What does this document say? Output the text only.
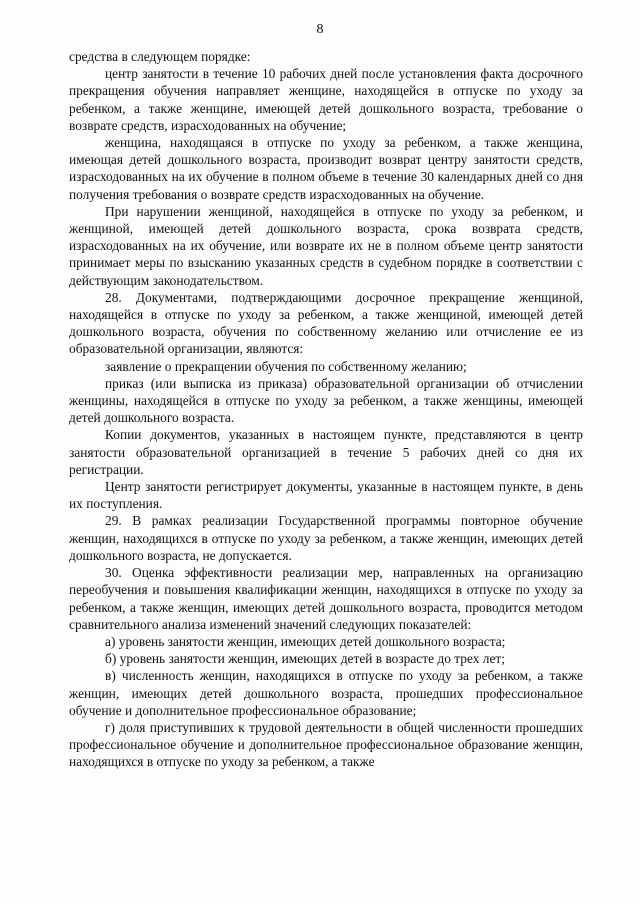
8

средства в следующем порядке:

центр занятости в течение 10 рабочих дней после установления факта досрочного прекращения обучения направляет женщине, находящейся в отпуске по уходу за ребенком, а также женщине, имеющей детей дошкольного возраста, требование о возврате средств, израсходованных на обучение;

женщина, находящаяся в отпуске по уходу за ребенком, а также женщина, имеющая детей дошкольного возраста, производит возврат центру занятости средств, израсходованных на их обучение в полном объеме в течение 30 календарных дней со дня получения требования о возврате средств израсходованных на обучение.

При нарушении женщиной, находящейся в отпуске по уходу за ребенком, и женщиной, имеющей детей дошкольного возраста, срока возврата средств, израсходованных на их обучение, или возврате их не в полном объеме центр занятости принимает меры по взысканию указанных средств в судебном порядке в соответствии с действующим законодательством.

28. Документами, подтверждающими досрочное прекращение женщиной, находящейся в отпуске по уходу за ребенком, а также женщиной, имеющей детей дошкольного возраста, обучения по собственному желанию или отчисление ее из образовательной организации, являются:

заявление о прекращении обучения по собственному желанию;

приказ (или выписка из приказа) образовательной организации об отчислении женщины, находящейся в отпуске по уходу за ребенком, а также женщины, имеющей детей дошкольного возраста.

Копии документов, указанных в настоящем пункте, представляются в центр занятости образовательной организацией в течение 5 рабочих дней со дня их регистрации.

Центр занятости регистрирует документы, указанные в настоящем пункте, в день их поступления.

29. В рамках реализации Государственной программы повторное обучение женщин, находящихся в отпуске по уходу за ребенком, а также женщин, имеющих детей дошкольного возраста, не допускается.

30. Оценка эффективности реализации мер, направленных на организацию переобучения и повышения квалификации женщин, находящихся в отпуске по уходу за ребенком, а также женщин, имеющих детей дошкольного возраста, проводится методом сравнительного анализа изменений значений следующих показателей:

а) уровень занятости женщин, имеющих детей дошкольного возраста;

б) уровень занятости женщин, имеющих детей в возрасте до трех лет;

в) численность женщин, находящихся в отпуске по уходу за ребенком, а также женщин, имеющих детей дошкольного возраста, прошедших профессиональное обучение и дополнительное профессиональное образование;

г) доля приступивших к трудовой деятельности в общей численности прошедших профессиональное обучение и дополнительное профессиональное образование женщин, находящихся в отпуске по уходу за ребенком, а также
